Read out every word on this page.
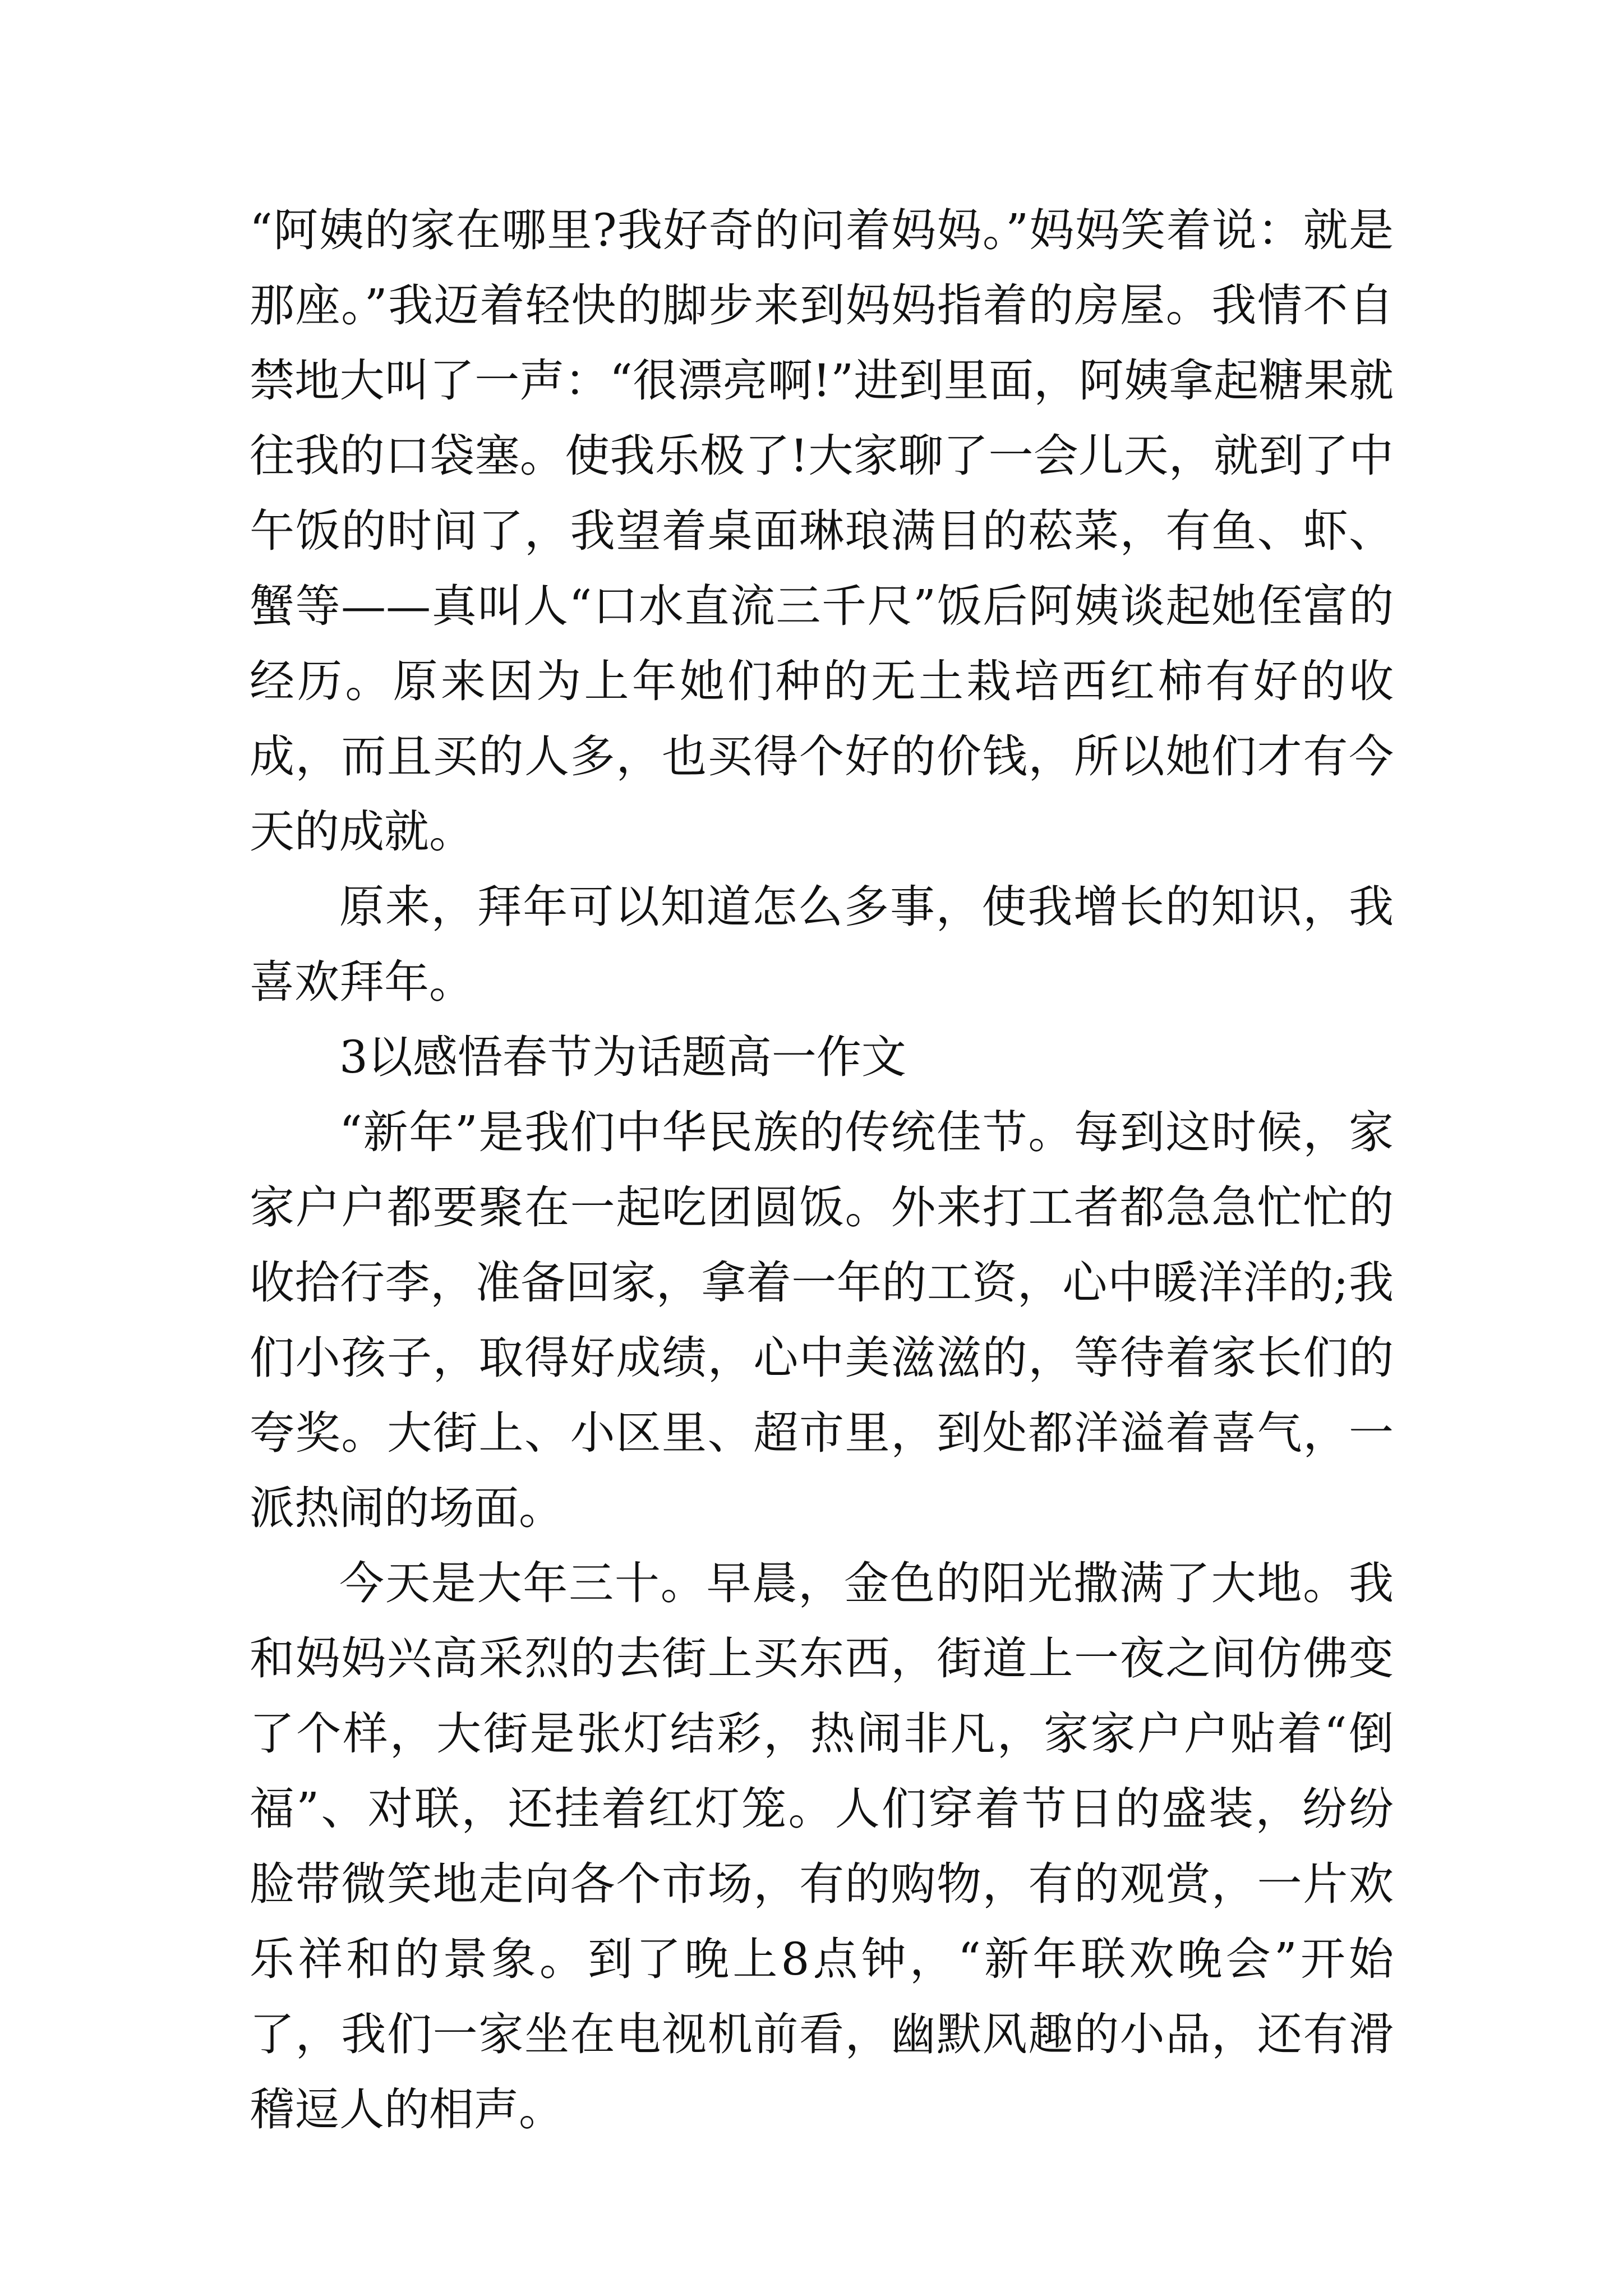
“阿姨的家在哪里?我好奇的问着妈妈。”妈妈笑着说：就是那座。”我迈着轻快的脚步来到妈妈指着的房屋。我情不自禁地大叫了一声：“很漂亮啊!”进到里面，阿姨拿起糖果就往我的口袋塞。使我乐极了!大家聊了一会儿天，就到了中午饭的时间了，我望着桌面琳琅满目的菘菜，有鱼、虾、蟹等——真叫人“口水直流三千尺”饭后阿姨谈起她侄富的经历。原来因为上年她们种的无土栽培西红柿有好的收成，而且买的人多，也买得个好的价钱，所以她们才有今天的成就。

原来，拜年可以知道怎么多事，使我增长的知识，我喜欢拜年。

3以感悟春节为话题高一作文

“新年”是我们中华民族的传统佳节。每到这时候，家家户户都要聚在一起吃团圆饭。外来打工者都急急忙忙的收拾行李，准备回家，拿着一年的工资，心中暖洋洋的;我们小孩子，取得好成绩，心中美滋滋的，等待着家长们的夸奖。大街上、小区里、超市里，到处都洋溢着喜气，一派热闹的场面。

今天是大年三十。早晨，金色的阳光撒满了大地。我和妈妈兴高采烈的去街上买东西，街道上一夜之间仿佛变了个样，大街是张灯结彩，热闹非凡，家家户户贴着“倒福”、对联，还挂着红灯笼。人们穿着节日的盛装，纷纷脸带微笑地走向各个市场，有的购物，有的观赏，一片欢乐祥和的景象。到了晚上8点钟，“新年联欢晚会”开始了，我们一家坐在电视机前看，幽默风趣的小品，还有滑稽逗人的相声。
